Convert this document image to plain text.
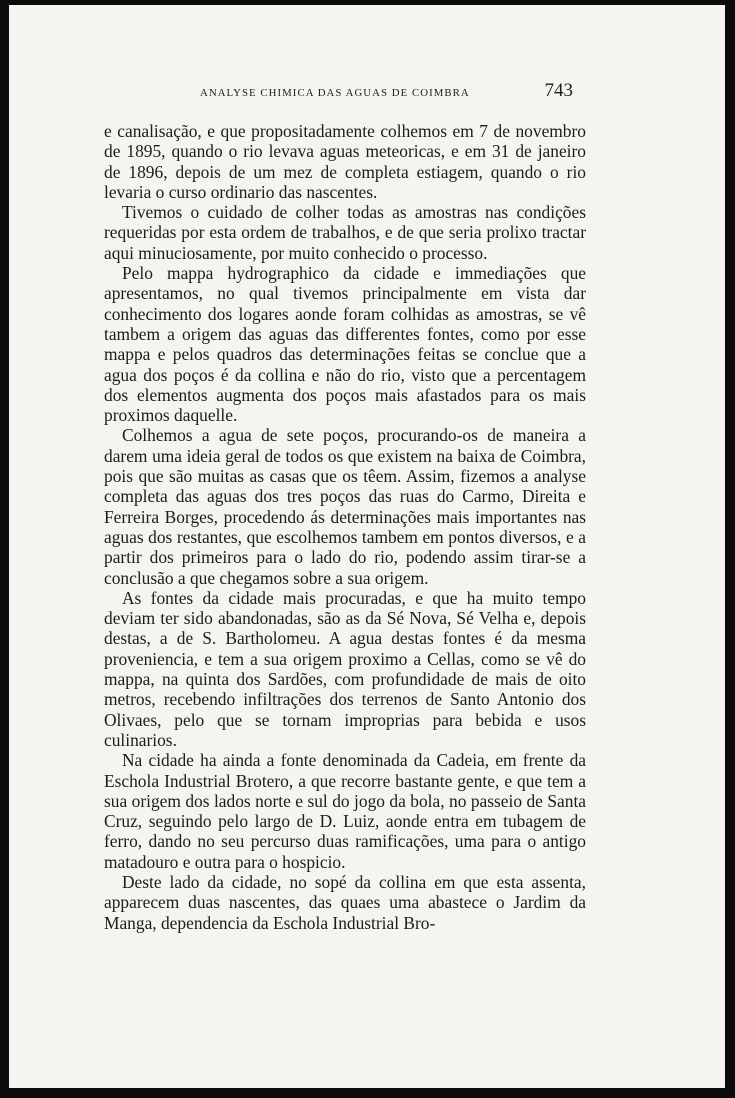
ANALYSE CHIMICA DAS AGUAS DE COIMBRA	743

e canalisação, e que propositadamente colhemos em 7 de novembro de 1895, quando o rio levava aguas meteoricas, e em 31 de janeiro de 1896, depois de um mez de completa estiagem, quando o rio levaria o curso ordinario das nascentes.

Tivemos o cuidado de colher todas as amostras nas condições requeridas por esta ordem de trabalhos, e de que seria prolixo tractar aqui minuciosamente, por muito conhecido o processo.

Pelo mappa hydrographico da cidade e immediações que apresentamos, no qual tivemos principalmente em vista dar conhecimento dos logares aonde foram colhidas as amostras, se vê tambem a origem das aguas das differentes fontes, como por esse mappa e pelos quadros das determinações feitas se conclue que a agua dos poços é da collina e não do rio, visto que a percentagem dos elementos augmenta dos poços mais afastados para os mais proximos daquelle.

Colhemos a agua de sete poços, procurando-os de maneira a darem uma ideia geral de todos os que existem na baixa de Coimbra, pois que são muitas as casas que os têem. Assim, fizemos a analyse completa das aguas dos tres poços das ruas do Carmo, Direita e Ferreira Borges, procedendo ás determinações mais importantes nas aguas dos restantes, que escolhemos tambem em pontos diversos, e a partir dos primeiros para o lado do rio, podendo assim tirar-se a conclusão a que chegamos sobre a sua origem.

As fontes da cidade mais procuradas, e que ha muito tempo deviam ter sido abandonadas, são as da Sé Nova, Sé Velha e, depois destas, a de S. Bartholomeu. A agua destas fontes é da mesma proveniencia, e tem a sua origem proximo a Cellas, como se vê do mappa, na quinta dos Sardões, com profundidade de mais de oito metros, recebendo infiltrações dos terrenos de Santo Antonio dos Olivaes, pelo que se tornam improprias para bebida e usos culinarios.

Na cidade ha ainda a fonte denominada da Cadeia, em frente da Eschola Industrial Brotero, a que recorre bastante gente, e que tem a sua origem dos lados norte e sul do jogo da bola, no passeio de Santa Cruz, seguindo pelo largo de D. Luiz, aonde entra em tubagem de ferro, dando no seu percurso duas ramificações, uma para o antigo matadouro e outra para o hospicio.

Deste lado da cidade, no sopé da collina em que esta assenta, apparecem duas nascentes, das quaes uma abastece o Jardim da Manga, dependencia da Eschola Industrial Bro-
